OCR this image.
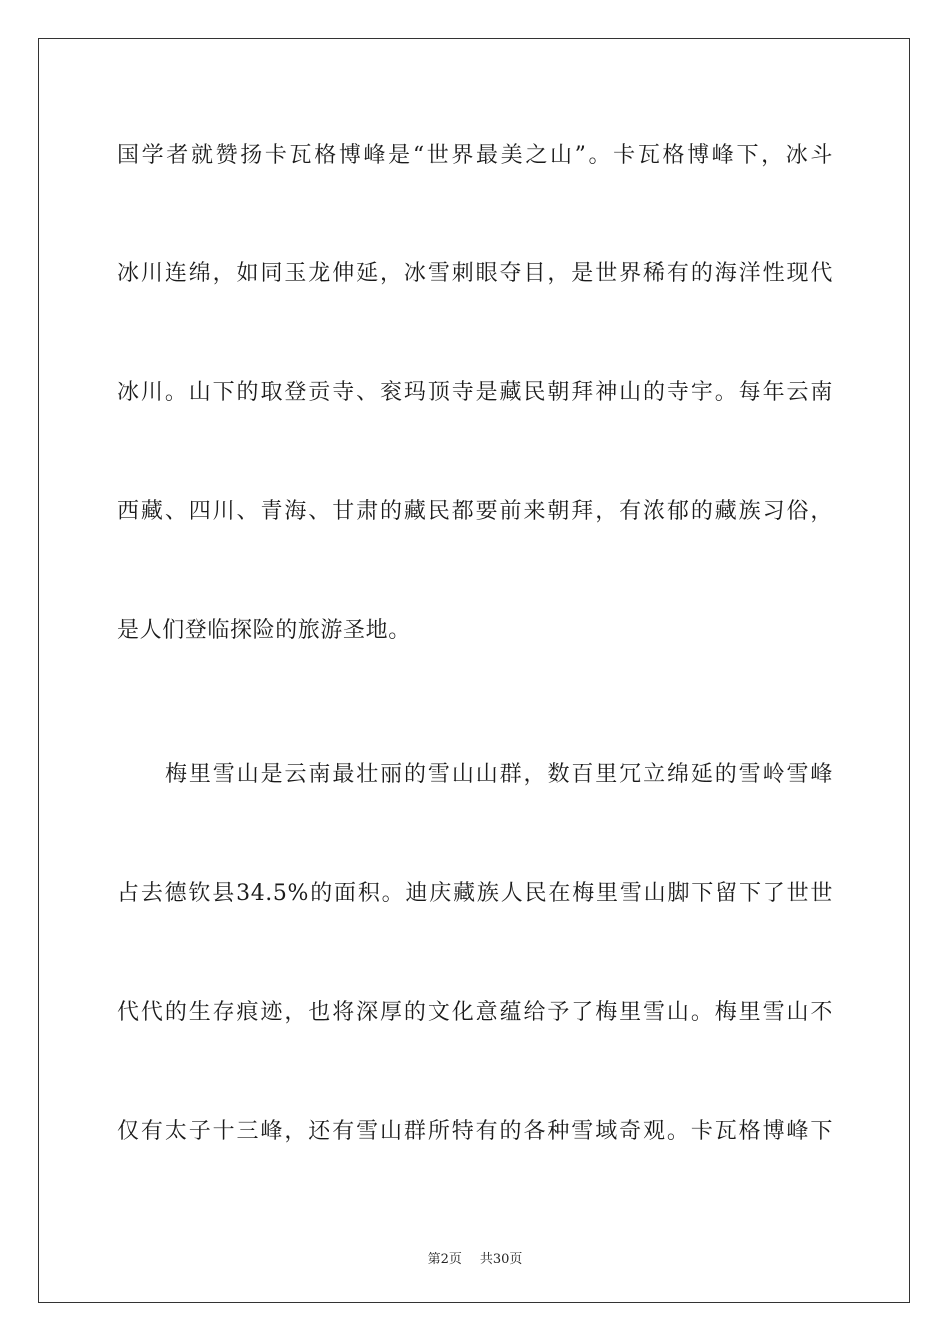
国学者就赞扬卡瓦格博峰是“世界最美之山”。卡瓦格博峰下，冰斗
冰川连绵，如同玉龙伸延，冰雪刺眼夺目，是世界稀有的海洋性现代
冰川。山下的取登贡寺、衮玛顶寺是藏民朝拜神山的寺宇。每年云南
西藏、四川、青海、甘肃的藏民都要前来朝拜，有浓郁的藏族习俗，
是人们登临探险的旅游圣地。
梅里雪山是云南最壮丽的雪山山群，数百里冗立绵延的雪岭雪峰
占去德钦县34.5%的面积。迪庆藏族人民在梅里雪山脚下留下了世世
代代的生存痕迹，也将深厚的文化意蕴给予了梅里雪山。梅里雪山不
仅有太子十三峰，还有雪山群所特有的各种雪域奇观。卡瓦格博峰下
第2页 共30页
